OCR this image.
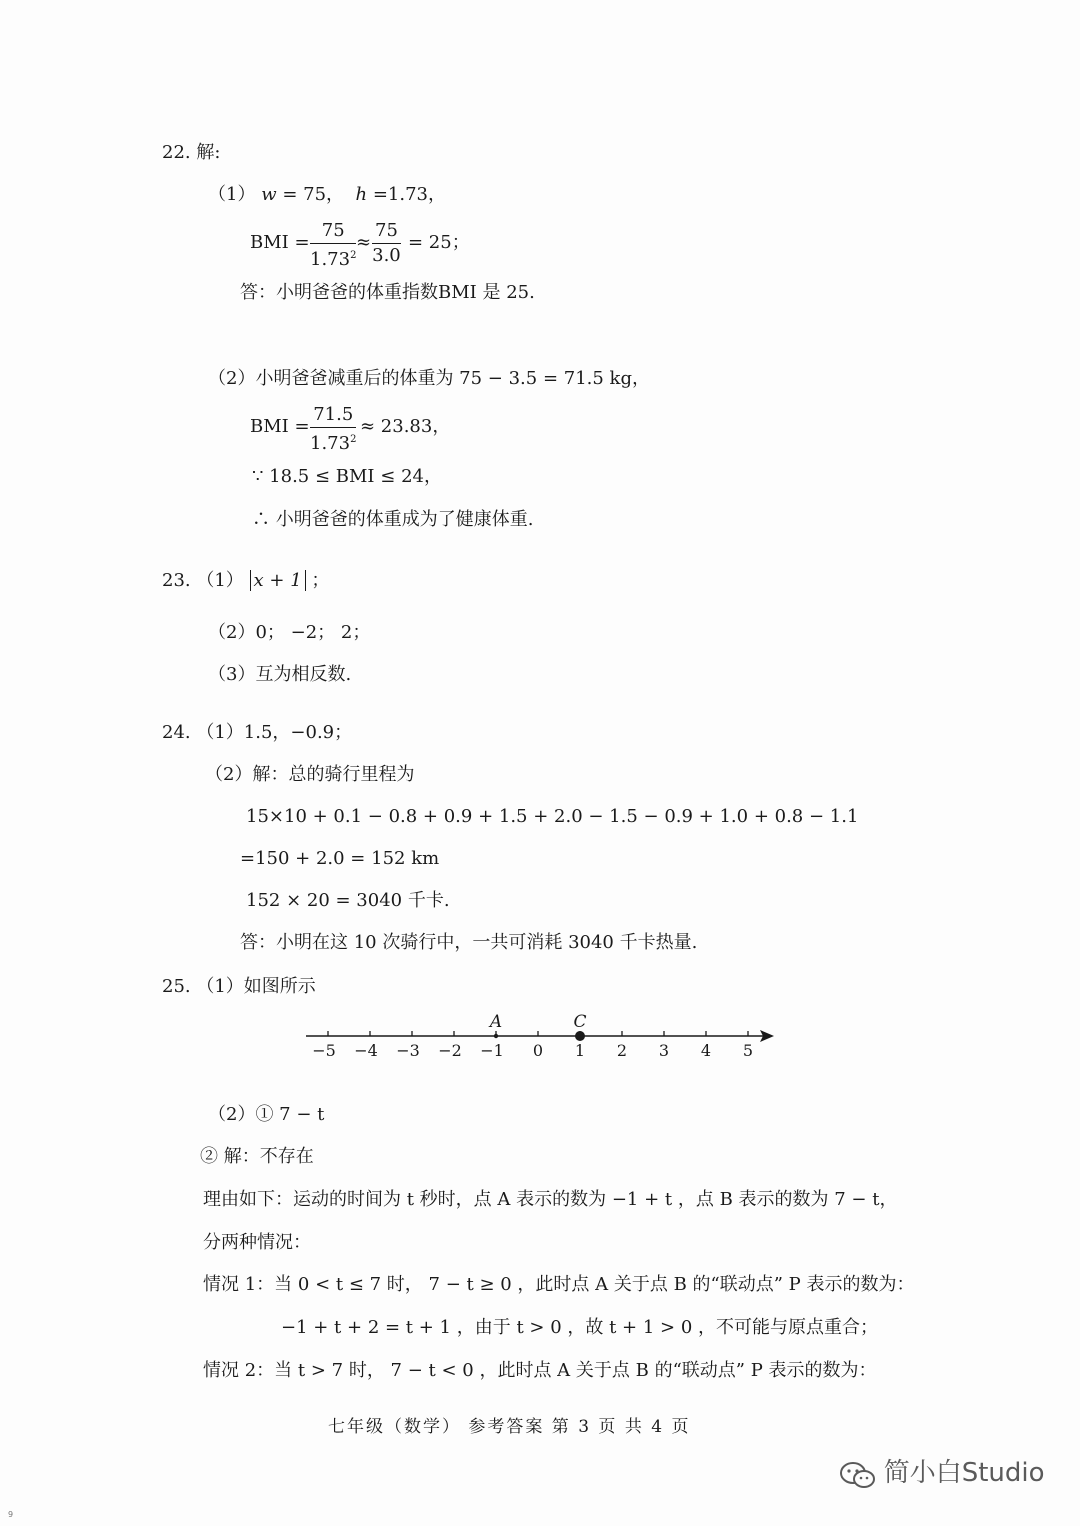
22. 解:
（1） w = 75， h =1.73，
BMI = $\frac{75}{1.73^2} \approx \frac{75}{3.0} = 25$；
答：小明爸爸的体重指数BMI 是 25.
（2）小明爸爸减重后的体重为 75 − 3.5 = 71.5 kg，
BMI = $\frac{71.5}{1.73^2} \approx 23.83$，
∵ 18.5 ≤ BMI ≤ 24，
∴ 小明爸爸的体重成为了健康体重.
23. （1） x + 1 ；
（2）0； −2； 2；
（3）互为相反数.
24. （1）1.5，−0.9；
（2）解：总的骑行里程为
15×10 + 0.1 − 0.8 + 0.9 + 1.5 + 2.0 − 1.5 − 0.9 + 1.0 + 0.8 − 1.1
=150 + 2.0 = 152 km
152 × 20 = 3040 千卡.
答：小明在这 10 次骑行中，一共可消耗 3040 千卡热量.
25. （1）如图所示
−5 −4 −3 −2 −1 0 1 2 3 4 5
A	C
（2）① 7 − t
② 解：不存在
理由如下：运动的时间为 t 秒时，点 A 表示的数为 −1 + t ，点 B 表示的数为 7 − t，
分两种情况：
情况 1：当 0 < t ≤ 7 时， 7 − t ≥ 0 ，此时点 A 关于点 B 的“联动点” P 表示的数为：
−1 + t + 2 = t + 1 ，由于 t > 0 ，故 t + 1 > 0 ，不可能与原点重合；
情况 2：当 t > 7 时， 7 − t < 0 ，此时点 A 关于点 B 的“联动点” P 表示的数为：
七年级（数学） 参考答案 第 3 页 共 4 页
简小白Studio
9
